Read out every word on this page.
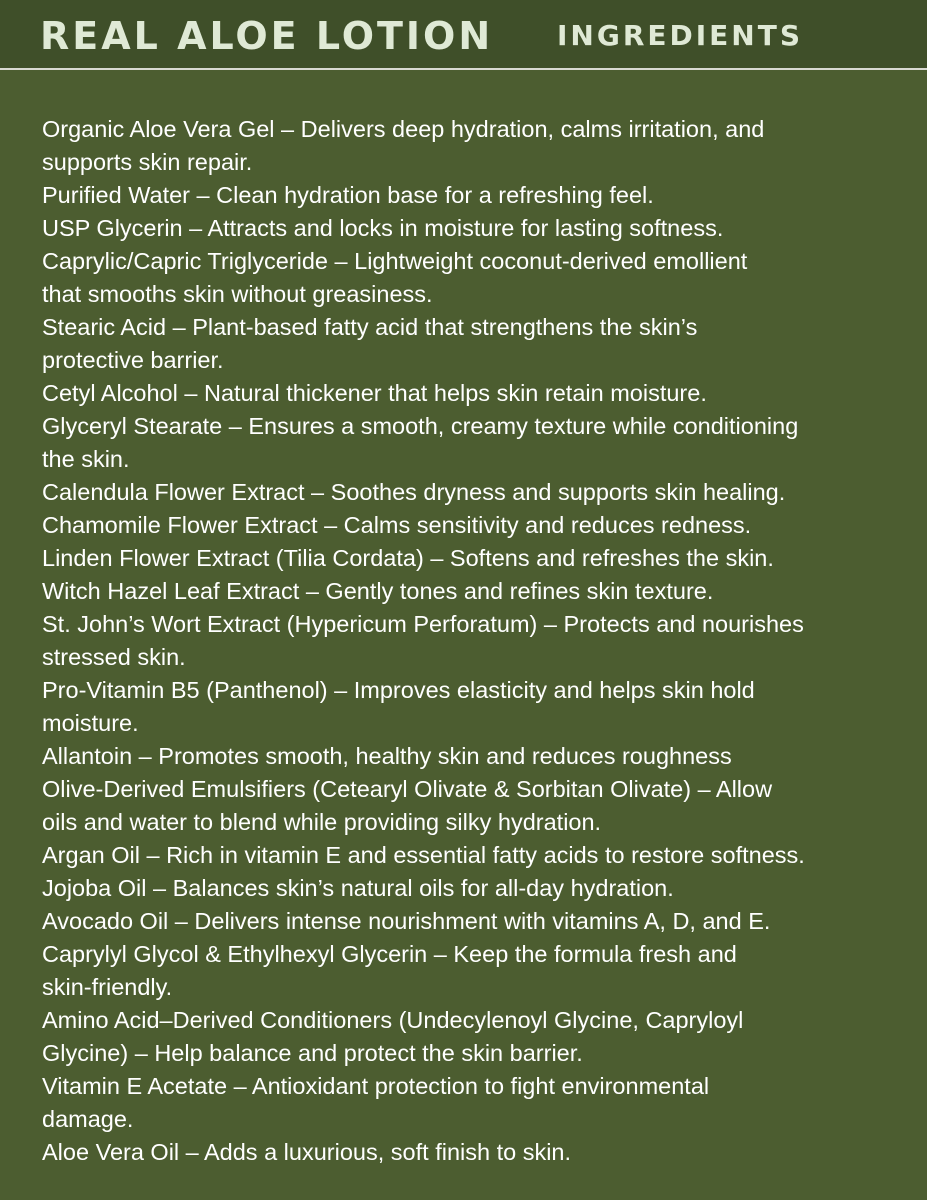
REAL ALOE LOTION INGREDIENTS
Organic Aloe Vera Gel – Delivers deep hydration, calms irritation, and
supports skin repair.
Purified Water – Clean hydration base for a refreshing feel.
USP Glycerin – Attracts and locks in moisture for lasting softness.
Caprylic/Capric Triglyceride – Lightweight coconut-derived emollient
that smooths skin without greasiness.
Stearic Acid – Plant-based fatty acid that strengthens the skin’s
protective barrier.
Cetyl Alcohol – Natural thickener that helps skin retain moisture.
Glyceryl Stearate – Ensures a smooth, creamy texture while conditioning
the skin.
Calendula Flower Extract – Soothes dryness and supports skin healing.
Chamomile Flower Extract – Calms sensitivity and reduces redness.
Linden Flower Extract (Tilia Cordata) – Softens and refreshes the skin.
Witch Hazel Leaf Extract – Gently tones and refines skin texture.
St. John’s Wort Extract (Hypericum Perforatum) – Protects and nourishes
stressed skin.
Pro-Vitamin B5 (Panthenol) – Improves elasticity and helps skin hold
moisture.
Allantoin – Promotes smooth, healthy skin and reduces roughness
Olive-Derived Emulsifiers (Cetearyl Olivate & Sorbitan Olivate) – Allow
oils and water to blend while providing silky hydration.
Argan Oil – Rich in vitamin E and essential fatty acids to restore softness.
Jojoba Oil – Balances skin’s natural oils for all-day hydration.
Avocado Oil – Delivers intense nourishment with vitamins A, D, and E.
Caprylyl Glycol & Ethylhexyl Glycerin – Keep the formula fresh and
skin-friendly.
Amino Acid–Derived Conditioners (Undecylenoyl Glycine, Capryloyl
Glycine) – Help balance and protect the skin barrier.
Vitamin E Acetate – Antioxidant protection to fight environmental
damage.
Aloe Vera Oil – Adds a luxurious, soft finish to skin.
